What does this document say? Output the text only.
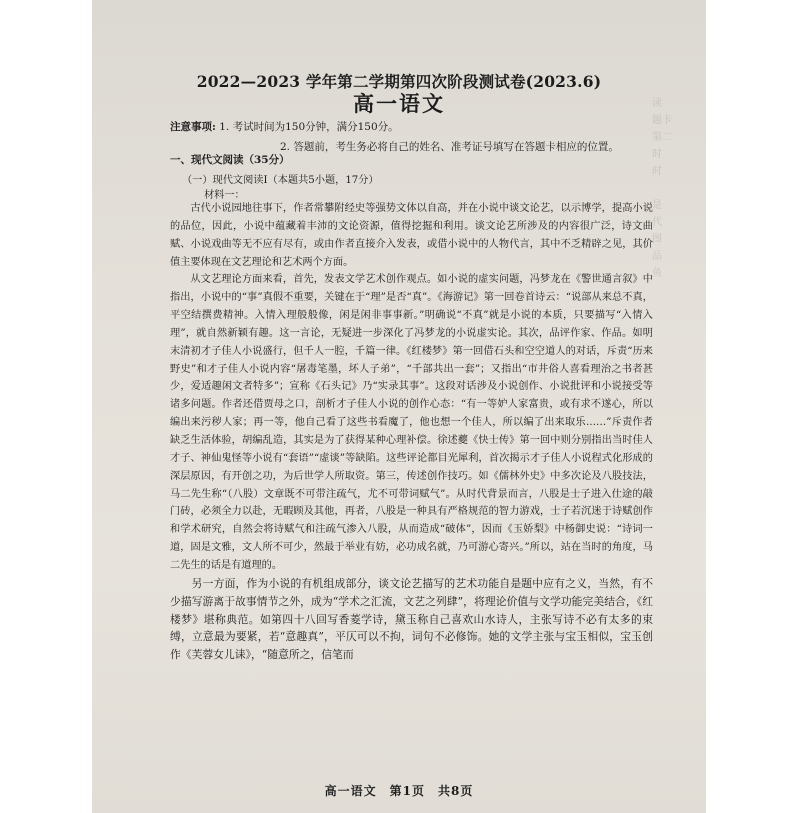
读
题卡
第二
时
时

是
代
图
品
鱼
2022—2023 学年第二学期第四次阶段测试卷(2023.6)
高一语文
注意事项: 1. 考试时间为150分钟，满分150分。
2. 答题前，考生务必将自己的姓名、准考证号填写在答题卡相应的位置。
一、现代文阅读（35分）
（一）现代文阅读Ⅰ（本题共5小题，17分）
材料一：

古代小说园地往事下，作者常攀附经史等强势文体以自高，并在小说中谈文论艺，以示博学，提高小说的品位，因此，小说中蕴藏着丰沛的文论资源，值得挖掘和利用。谈文论艺所涉及的内容很广泛，诗文曲赋、小说戏曲等无不应有尽有，或由作者直接介入发表，或借小说中的人物代言，其中不乏精辟之见，其价值主要体现在文艺理论和艺术两个方面。

从文艺理论方面来看，首先，发表文学艺术创作观点。如小说的虚实问题，冯梦龙在《警世通言叙》中指出，小说中的“事”真假不重要，关键在于“理”是否“真”。《海游记》第一回卷首诗云：“说部从来总不真，平空结撰费精神。入情入理般般像，闲是闲非事事新。”明确说“不真”就是小说的本质，只要描写“入情入理”，就自然新颖有趣。这一言论，无疑进一步深化了冯梦龙的小说虚实论。其次，品评作家、作品。如明末清初才子佳人小说盛行，但千人一腔，千篇一律。《红楼梦》第一回借石头和空空道人的对话，斥责“历来野史”和才子佳人小说内容“屠毒笔墨，坏人子弟”，“千部共出一套”；又指出“市井俗人喜看理治之书者甚少，爱适趣闲文者特多”；宣称《石头记》乃“实录其事”。这段对话涉及小说创作、小说批评和小说接受等诸多问题。作者还借贾母之口，剖析才子佳人小说的创作心态：“有一等妒人家富贵，或有求不遂心，所以编出来污秽人家；再一等，他自己看了这些书看魔了，他也想一个佳人，所以编了出来取乐……”斥责作者缺乏生活体验，胡编乱造，其实是为了获得某种心理补偿。徐述夔《快士传》第一回中则分别指出当时佳人才子、神仙鬼怪等小说有“套语”“虚谈”等缺陷。这些评论都目光犀利，首次揭示才子佳人小说程式化形成的深层原因，有开创之功，为后世学人所取资。第三，传述创作技巧。如《儒林外史》中多次论及八股技法，马二先生称“（八股）文章既不可带注疏气，尤不可带词赋气”。从时代背景而言，八股是士子进入仕途的敲门砖，必须全力以赴，无暇顾及其他，再者，八股是一种具有严格规范的智力游戏，士子若沉迷于诗赋创作和学术研究，自然会将诗赋气和注疏气渗入八股，从而造成“破体”，因而《玉娇梨》中杨御史说：“诗词一道，固是文雅，文人所不可少，然最于举业有妨，必功成名就，乃可游心寄兴。”所以，站在当时的角度，马二先生的话是有道理的。

另一方面，作为小说的有机组成部分，谈文论艺描写的艺术功能自是题中应有之义，当然，有不少描写游离于故事情节之外，成为“学术之汇流，文艺之列肆”，将理论价值与文学功能完美结合，《红楼梦》堪称典范。如第四十八回写香菱学诗，黛玉称自己喜欢山水诗人，主张写诗不必有太多的束缚，立意最为要紧，若“意趣真”，平仄可以不拘，词句不必修饰。她的文学主张与宝玉相似，宝玉创作《芙蓉女儿诔》，“随意所之，信笔而

高一语文　第1页　共8页
